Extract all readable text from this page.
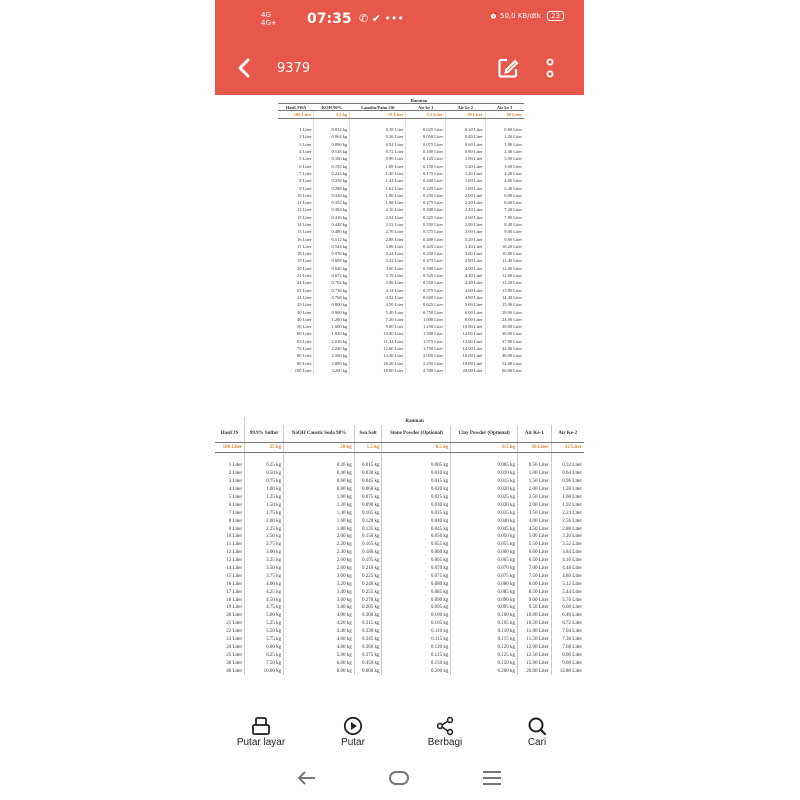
4G
4G+ 07:35 ✆ ✔ •••	⏰ 50,0 KB/dtk 23
9379
	Ramuan				
Hasil JWA	KOH 90%	Lanolin/Palm Oil	Air ke 1	Air ke 2	Air ke 3
100 Liter	3.2 kg	18 Liter	2.5 Liter	20 Liter	60 Liter

1 Liter	0.032 kg	0.18 Liter	0.025 Liter	0.20 Liter	0.60 Liter
2 Liter	0.064 kg	0.36 Liter	0.050 Liter	0.40 Liter	1.20 Liter
3 Liter	0.096 kg	0.54 Liter	0.075 Liter	0.60 Liter	1.80 Liter
4 Liter	0.128 kg	0.72 Liter	0.100 Liter	0.80 Liter	2.40 Liter
5 Liter	0.160 kg	0.90 Liter	0.125 Liter	1.00 Liter	3.00 Liter
6 Liter	0.192 kg	1.08 Liter	0.150 Liter	1.20 Liter	3.60 Liter
7 Liter	0.224 kg	1.26 Liter	0.175 Liter	1.40 Liter	4.20 Liter
8 Liter	0.256 kg	1.44 Liter	0.200 Liter	1.60 Liter	4.80 Liter
9 Liter	0.288 kg	1.62 Liter	0.225 Liter	1.80 Liter	5.40 Liter
10 Liter	0.320 kg	1.80 Liter	0.250 Liter	2.00 Liter	6.00 Liter
11 Liter	0.352 kg	1.98 Liter	0.275 Liter	2.20 Liter	6.60 Liter
12 Liter	0.384 kg	2.16 Liter	0.300 Liter	2.40 Liter	7.20 Liter
13 Liter	0.416 kg	2.34 Liter	0.325 Liter	2.60 Liter	7.80 Liter
14 Liter	0.448 kg	2.52 Liter	0.350 Liter	2.80 Liter	8.40 Liter
15 Liter	0.480 kg	2.70 Liter	0.375 Liter	3.00 Liter	9.00 Liter
16 Liter	0.512 kg	2.88 Liter	0.400 Liter	3.20 Liter	9.60 Liter
17 Liter	0.544 kg	3.06 Liter	0.425 Liter	3.40 Liter	10.20 Liter
18 Liter	0.576 kg	3.24 Liter	0.450 Liter	3.60 Liter	10.80 Liter
19 Liter	0.608 kg	3.42 Liter	0.475 Liter	3.80 Liter	11.40 Liter
20 Liter	0.640 kg	3.60 Liter	0.500 Liter	4.00 Liter	12.00 Liter
21 Liter	0.672 kg	3.78 Liter	0.525 Liter	4.20 Liter	12.60 Liter
22 Liter	0.704 kg	3.96 Liter	0.550 Liter	4.40 Liter	13.20 Liter
23 Liter	0.736 kg	4.14 Liter	0.575 Liter	4.60 Liter	13.80 Liter
24 Liter	0.768 kg	4.32 Liter	0.600 Liter	4.80 Liter	14.40 Liter
25 Liter	0.800 kg	4.50 Liter	0.625 Liter	5.00 Liter	15.00 Liter
30 Liter	0.960 kg	5.40 Liter	0.750 Liter	6.00 Liter	18.00 Liter
40 Liter	1.280 kg	7.20 Liter	1.000 Liter	8.00 Liter	24.00 Liter
50 Liter	1.600 kg	9.00 Liter	1.250 Liter	10.00 Liter	30.00 Liter
60 Liter	1.920 kg	10.80 Liter	1.500 Liter	12.00 Liter	36.00 Liter
63 Liter	2.016 kg	11.34 Liter	1.575 Liter	12.60 Liter	37.80 Liter
70 Liter	2.240 kg	12.60 Liter	1.750 Liter	14.00 Liter	42.00 Liter
80 Liter	2.560 kg	14.40 Liter	2.000 Liter	16.00 Liter	48.00 Liter
90 Liter	2.880 kg	16.20 Liter	2.250 Liter	18.00 Liter	54.00 Liter
100 Liter	3.200 kg	18.00 Liter	2.500 Liter	20.00 Liter	60.00 Liter
	Ramuan						
Hasil JS	99.9% Sulfur	NaOH Caustic Soda 98%	Sea Salt	Stone Powder (Optional)	Clay Powder (Optional)	Air Ke-1	Air Ke-2
100 Liter	25 kg	20 kg	1.5 kg	0.5 kg	0.5 kg	50 Liter	32 Liter

1 Liter	0.25 kg	0.20 kg	0.015 kg	0.005 kg	0.005 kg	0.50 Liter	0.32 Liter
2 Liter	0.50 kg	0.40 kg	0.030 kg	0.010 kg	0.010 kg	1.00 Liter	0.64 Liter
3 Liter	0.75 kg	0.60 kg	0.045 kg	0.015 kg	0.015 kg	1.50 Liter	0.96 Liter
4 Liter	1.00 kg	0.80 kg	0.060 kg	0.020 kg	0.020 kg	2.00 Liter	1.28 Liter
5 Liter	1.25 kg	1.00 kg	0.075 kg	0.025 kg	0.025 kg	2.50 Liter	1.60 Liter
6 Liter	1.50 kg	1.20 kg	0.090 kg	0.030 kg	0.030 kg	3.00 Liter	1.92 Liter
7 Liter	1.75 kg	1.40 kg	0.105 kg	0.035 kg	0.035 kg	3.50 Liter	2.24 Liter
8 Liter	2.00 kg	1.60 kg	0.120 kg	0.040 kg	0.040 kg	4.00 Liter	2.56 Liter
9 Liter	2.25 kg	1.80 kg	0.135 kg	0.045 kg	0.045 kg	4.50 Liter	2.88 Liter
10 Liter	2.50 kg	2.00 kg	0.150 kg	0.050 kg	0.050 kg	5.00 Liter	3.20 Liter
11 Liter	2.75 kg	2.20 kg	0.165 kg	0.055 kg	0.055 kg	5.50 Liter	3.52 Liter
12 Liter	3.00 kg	2.40 kg	0.180 kg	0.060 kg	0.060 kg	6.00 Liter	3.84 Liter
13 Liter	3.25 kg	2.60 kg	0.195 kg	0.065 kg	0.065 kg	6.50 Liter	4.16 Liter
14 Liter	3.50 kg	2.80 kg	0.210 kg	0.070 kg	0.070 kg	7.00 Liter	4.48 Liter
15 Liter	3.75 kg	3.00 kg	0.225 kg	0.075 kg	0.075 kg	7.50 Liter	4.80 Liter
16 Liter	4.00 kg	3.20 kg	0.240 kg	0.080 kg	0.080 kg	8.00 Liter	5.12 Liter
17 Liter	4.25 kg	3.40 kg	0.255 kg	0.085 kg	0.085 kg	8.50 Liter	5.44 Liter
18 Liter	4.50 kg	3.60 kg	0.270 kg	0.090 kg	0.090 kg	9.00 Liter	5.76 Liter
19 Liter	4.75 kg	3.80 kg	0.285 kg	0.095 kg	0.095 kg	9.50 Liter	6.08 Liter
20 Liter	5.00 kg	4.00 kg	0.300 kg	0.100 kg	0.100 kg	10.00 Liter	6.40 Liter
21 Liter	5.25 kg	4.20 kg	0.315 kg	0.105 kg	0.105 kg	10.50 Liter	6.72 Liter
22 Liter	5.50 kg	4.40 kg	0.330 kg	0.110 kg	0.110 kg	11.00 Liter	7.04 Liter
23 Liter	5.75 kg	4.60 kg	0.345 kg	0.115 kg	0.115 kg	11.50 Liter	7.36 Liter
24 Liter	6.00 kg	4.80 kg	0.360 kg	0.120 kg	0.120 kg	12.00 Liter	7.68 Liter
25 Liter	6.25 kg	5.00 kg	0.375 kg	0.125 kg	0.125 kg	12.50 Liter	8.00 Liter
30 Liter	7.50 kg	6.00 kg	0.450 kg	0.150 kg	0.150 kg	15.00 Liter	9.60 Liter
40 Liter	10.00 kg	8.00 kg	0.600 kg	0.200 kg	0.200 kg	20.00 Liter	12.80 Liter
Putar layar	Putar	Berbagi	Cari
